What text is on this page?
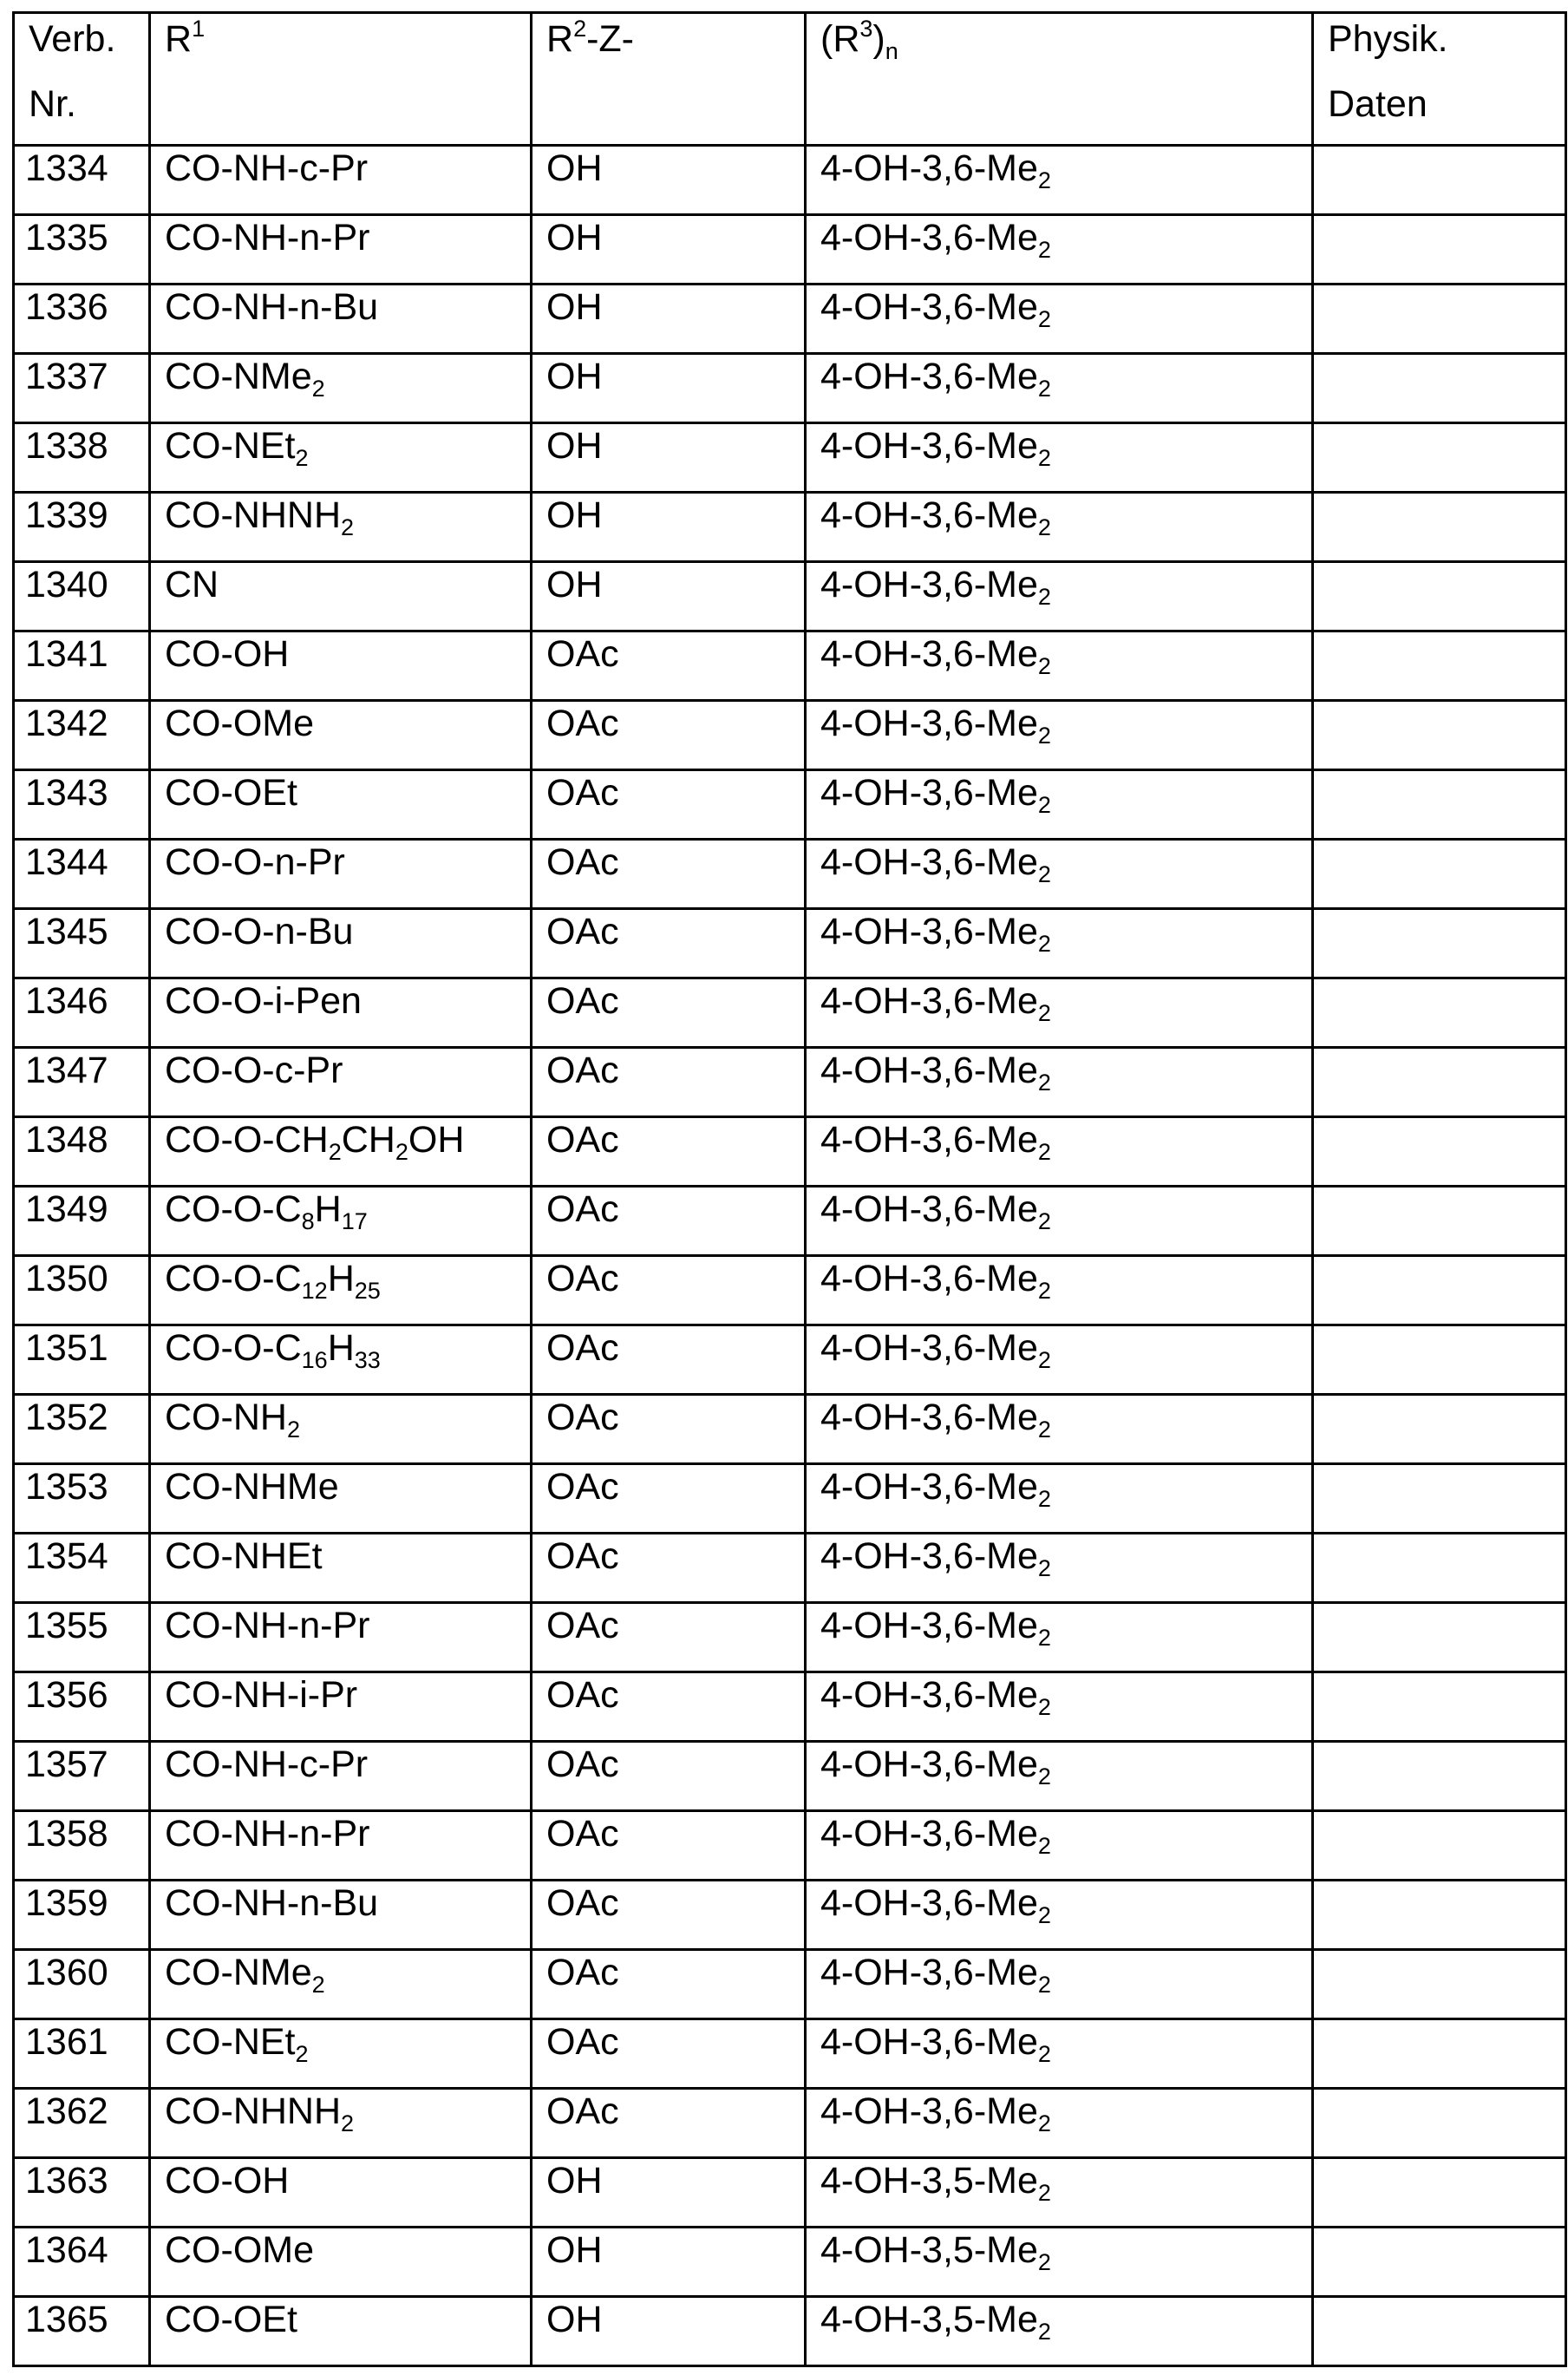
Verb.
Nr.

R1	R2-Z-	(R3)n	Physik.
Daten

1334	CO-NH-c-Pr	OH	4-OH-3,6-Me2	
1335	CO-NH-n-Pr	OH	4-OH-3,6-Me2	
1336	CO-NH-n-Bu	OH	4-OH-3,6-Me2	
1337	CO-NMe2	OH	4-OH-3,6-Me2	
1338	CO-NEt2	OH	4-OH-3,6-Me2	
1339	CO-NHNH2	OH	4-OH-3,6-Me2	
1340	CN	OH	4-OH-3,6-Me2	
1341	CO-OH	OAc	4-OH-3,6-Me2	
1342	CO-OMe	OAc	4-OH-3,6-Me2	
1343	CO-OEt	OAc	4-OH-3,6-Me2	
1344	CO-O-n-Pr	OAc	4-OH-3,6-Me2	
1345	CO-O-n-Bu	OAc	4-OH-3,6-Me2	
1346	CO-O-i-Pen	OAc	4-OH-3,6-Me2	
1347	CO-O-c-Pr	OAc	4-OH-3,6-Me2	
1348	CO-O-CH2CH2OH	OAc	4-OH-3,6-Me2	
1349	CO-O-C8H17	OAc	4-OH-3,6-Me2	
1350	CO-O-C12H25	OAc	4-OH-3,6-Me2	
1351	CO-O-C16H33	OAc	4-OH-3,6-Me2	
1352	CO-NH2	OAc	4-OH-3,6-Me2	
1353	CO-NHMe	OAc	4-OH-3,6-Me2	
1354	CO-NHEt	OAc	4-OH-3,6-Me2	
1355	CO-NH-n-Pr	OAc	4-OH-3,6-Me2	
1356	CO-NH-i-Pr	OAc	4-OH-3,6-Me2	
1357	CO-NH-c-Pr	OAc	4-OH-3,6-Me2	
1358	CO-NH-n-Pr	OAc	4-OH-3,6-Me2	
1359	CO-NH-n-Bu	OAc	4-OH-3,6-Me2	
1360	CO-NMe2	OAc	4-OH-3,6-Me2	
1361	CO-NEt2	OAc	4-OH-3,6-Me2	
1362	CO-NHNH2	OAc	4-OH-3,6-Me2	
1363	CO-OH	OH	4-OH-3,5-Me2	
1364	CO-OMe	OH	4-OH-3,5-Me2	
1365	CO-OEt	OH	4-OH-3,5-Me2	
